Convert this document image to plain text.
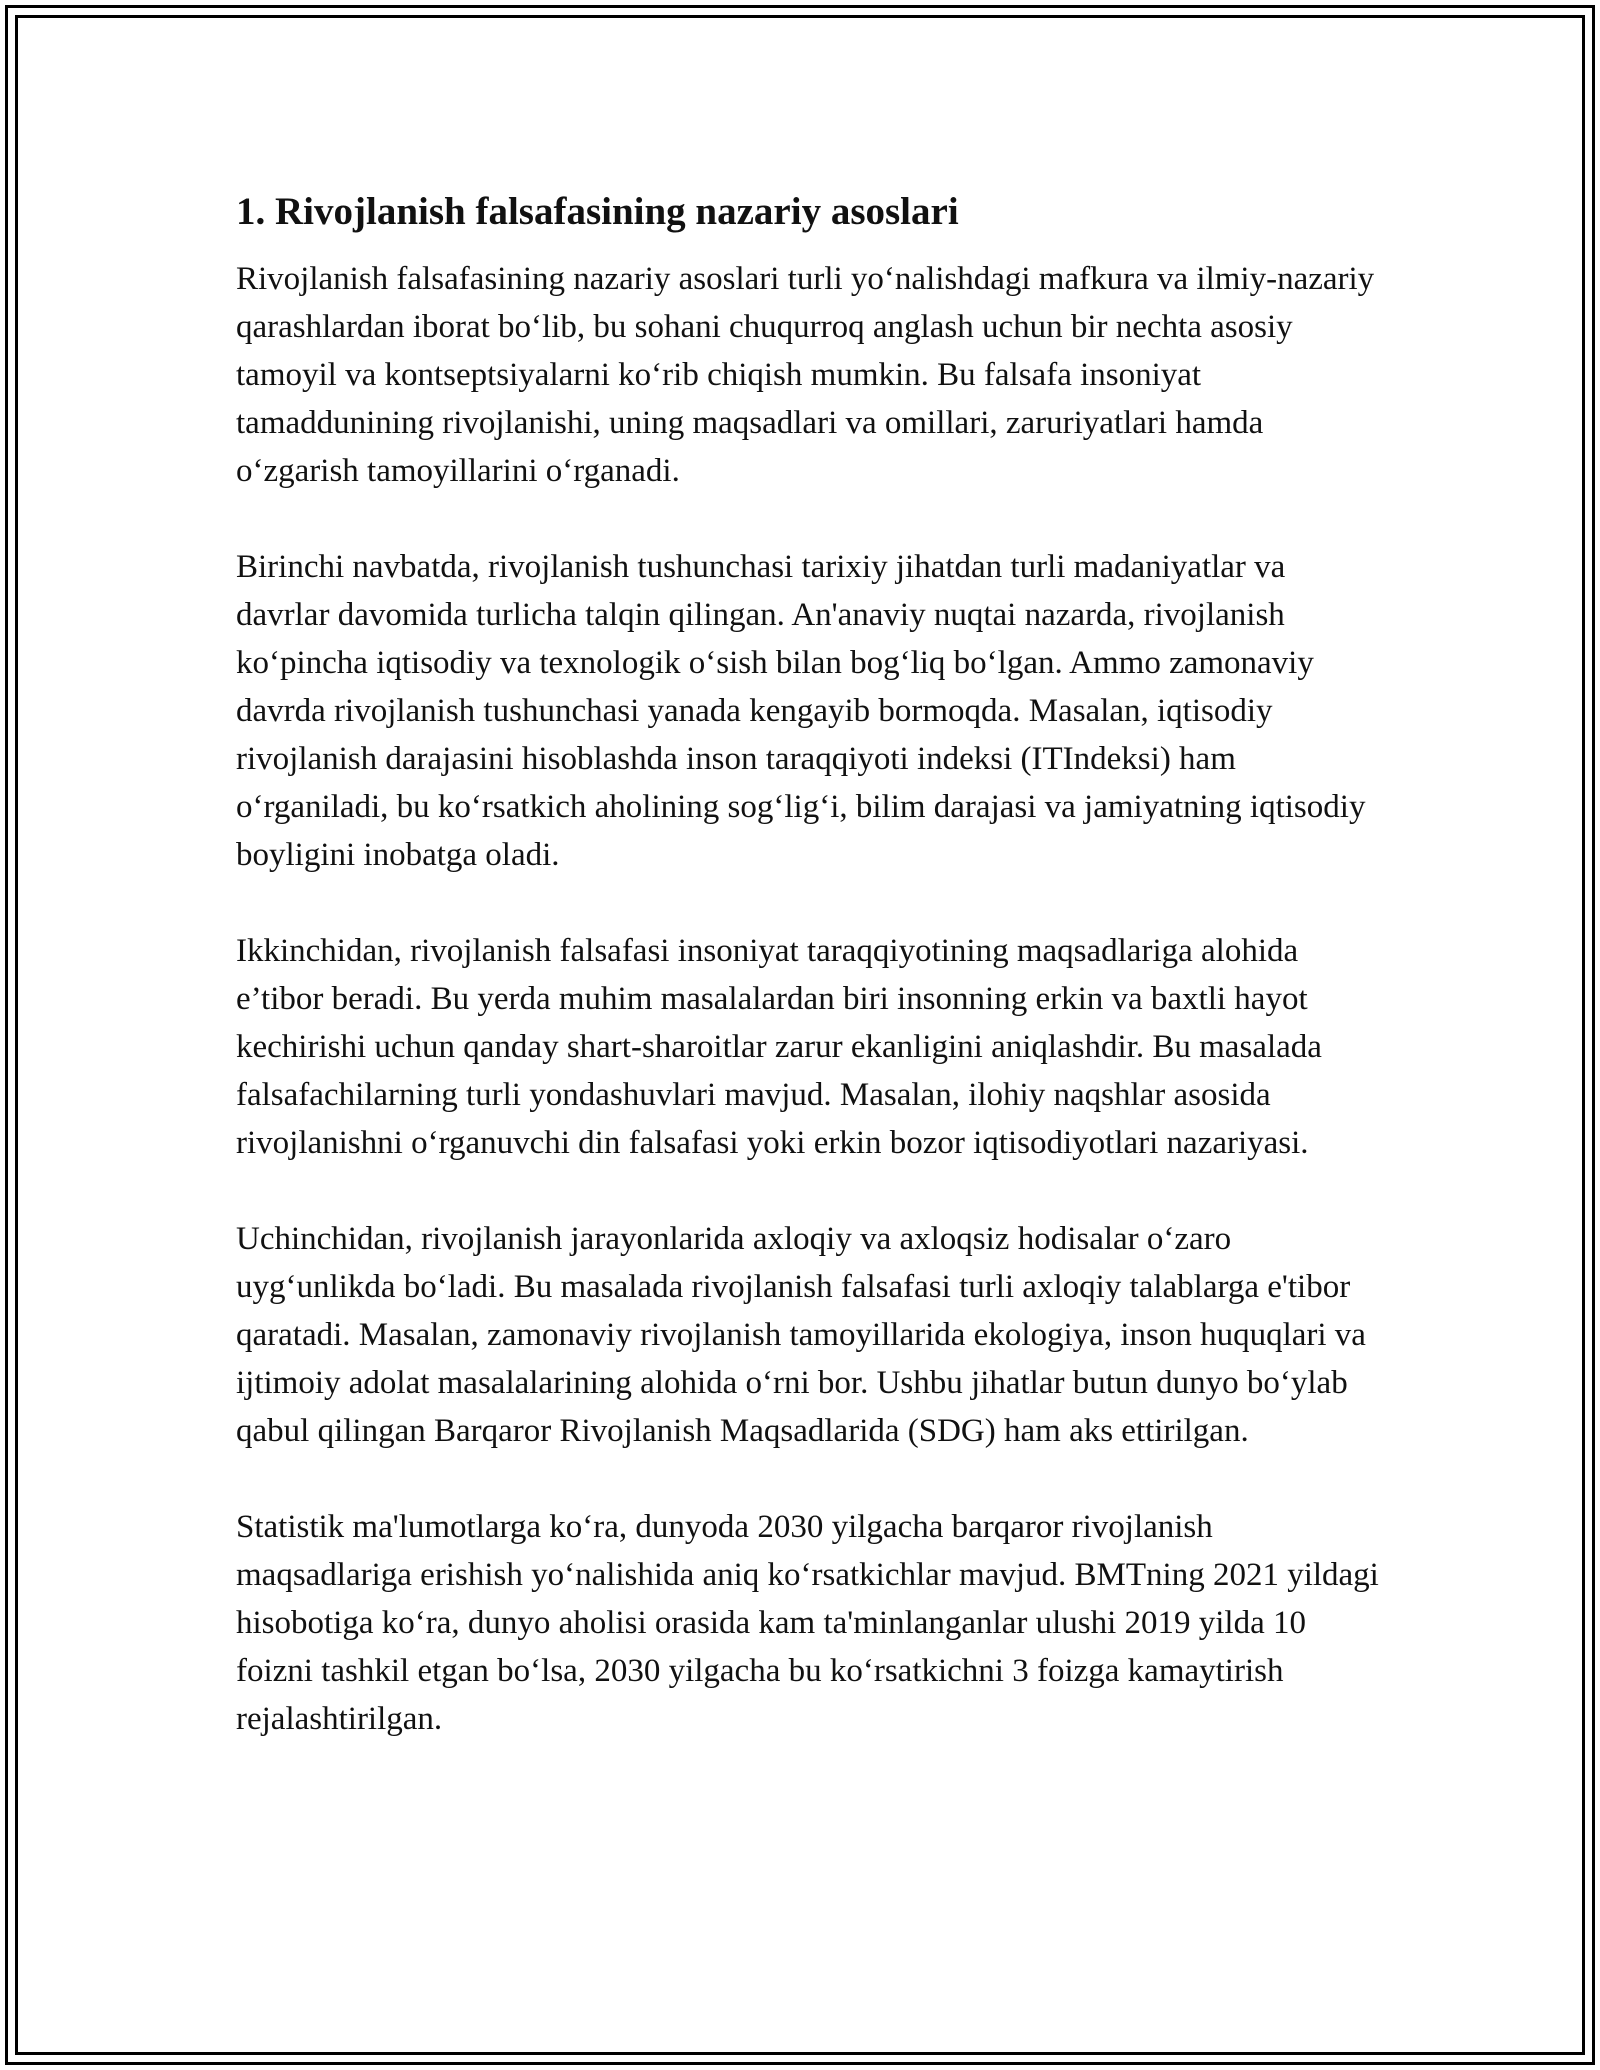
1. Rivojlanish falsafasining nazariy asoslari

Rivojlanish falsafasining nazariy asoslari turli yo‘nalishdagi mafkura va ilmiy-nazariy qarashlardan iborat bo‘lib, bu sohani chuqurroq anglash uchun bir nechta asosiy tamoyil va kontseptsiyalarni ko‘rib chiqish mumkin. Bu falsafa insoniyat tamaddunining rivojlanishi, uning maqsadlari va omillari, zaruriyatlari hamda o‘zgarish tamoyillarini o‘rganadi.

Birinchi navbatda, rivojlanish tushunchasi tarixiy jihatdan turli madaniyatlar va davrlar davomida turlicha talqin qilingan. An'anaviy nuqtai nazarda, rivojlanish ko‘pincha iqtisodiy va texnologik o‘sish bilan bog‘liq bo‘lgan. Ammo zamonaviy davrda rivojlanish tushunchasi yanada kengayib bormoqda. Masalan, iqtisodiy rivojlanish darajasini hisoblashda inson taraqqiyoti indeksi (ITIndeksi) ham o‘rganiladi, bu ko‘rsatkich aholining sog‘lig‘i, bilim darajasi va jamiyatning iqtisodiy boyligini inobatga oladi.

Ikkinchidan, rivojlanish falsafasi insoniyat taraqqiyotining maqsadlariga alohida e’tibor beradi. Bu yerda muhim masalalardan biri insonning erkin va baxtli hayot kechirishi uchun qanday shart-sharoitlar zarur ekanligini aniqlashdir. Bu masalada falsafachilarning turli yondashuvlari mavjud. Masalan, ilohiy naqshlar asosida rivojlanishni o‘rganuvchi din falsafasi yoki erkin bozor iqtisodiyotlari nazariyasi.

Uchinchidan, rivojlanish jarayonlarida axloqiy va axloqsiz hodisalar o‘zaro uyg‘unlikda bo‘ladi. Bu masalada rivojlanish falsafasi turli axloqiy talablarga e'tibor qaratadi. Masalan, zamonaviy rivojlanish tamoyillarida ekologiya, inson huquqlari va ijtimoiy adolat masalalarining alohida o‘rni bor. Ushbu jihatlar butun dunyo bo‘ylab qabul qilingan Barqaror Rivojlanish Maqsadlarida (SDG) ham aks ettirilgan.

Statistik ma'lumotlarga ko‘ra, dunyoda 2030 yilgacha barqaror rivojlanish maqsadlariga erishish yo‘nalishida aniq ko‘rsatkichlar mavjud. BMTning 2021 yildagi hisobotiga ko‘ra, dunyo aholisi orasida kam ta'minlanganlar ulushi 2019 yilda 10 foizni tashkil etgan bo‘lsa, 2030 yilgacha bu ko‘rsatkichni 3 foizga kamaytirish rejalashtirilgan.
